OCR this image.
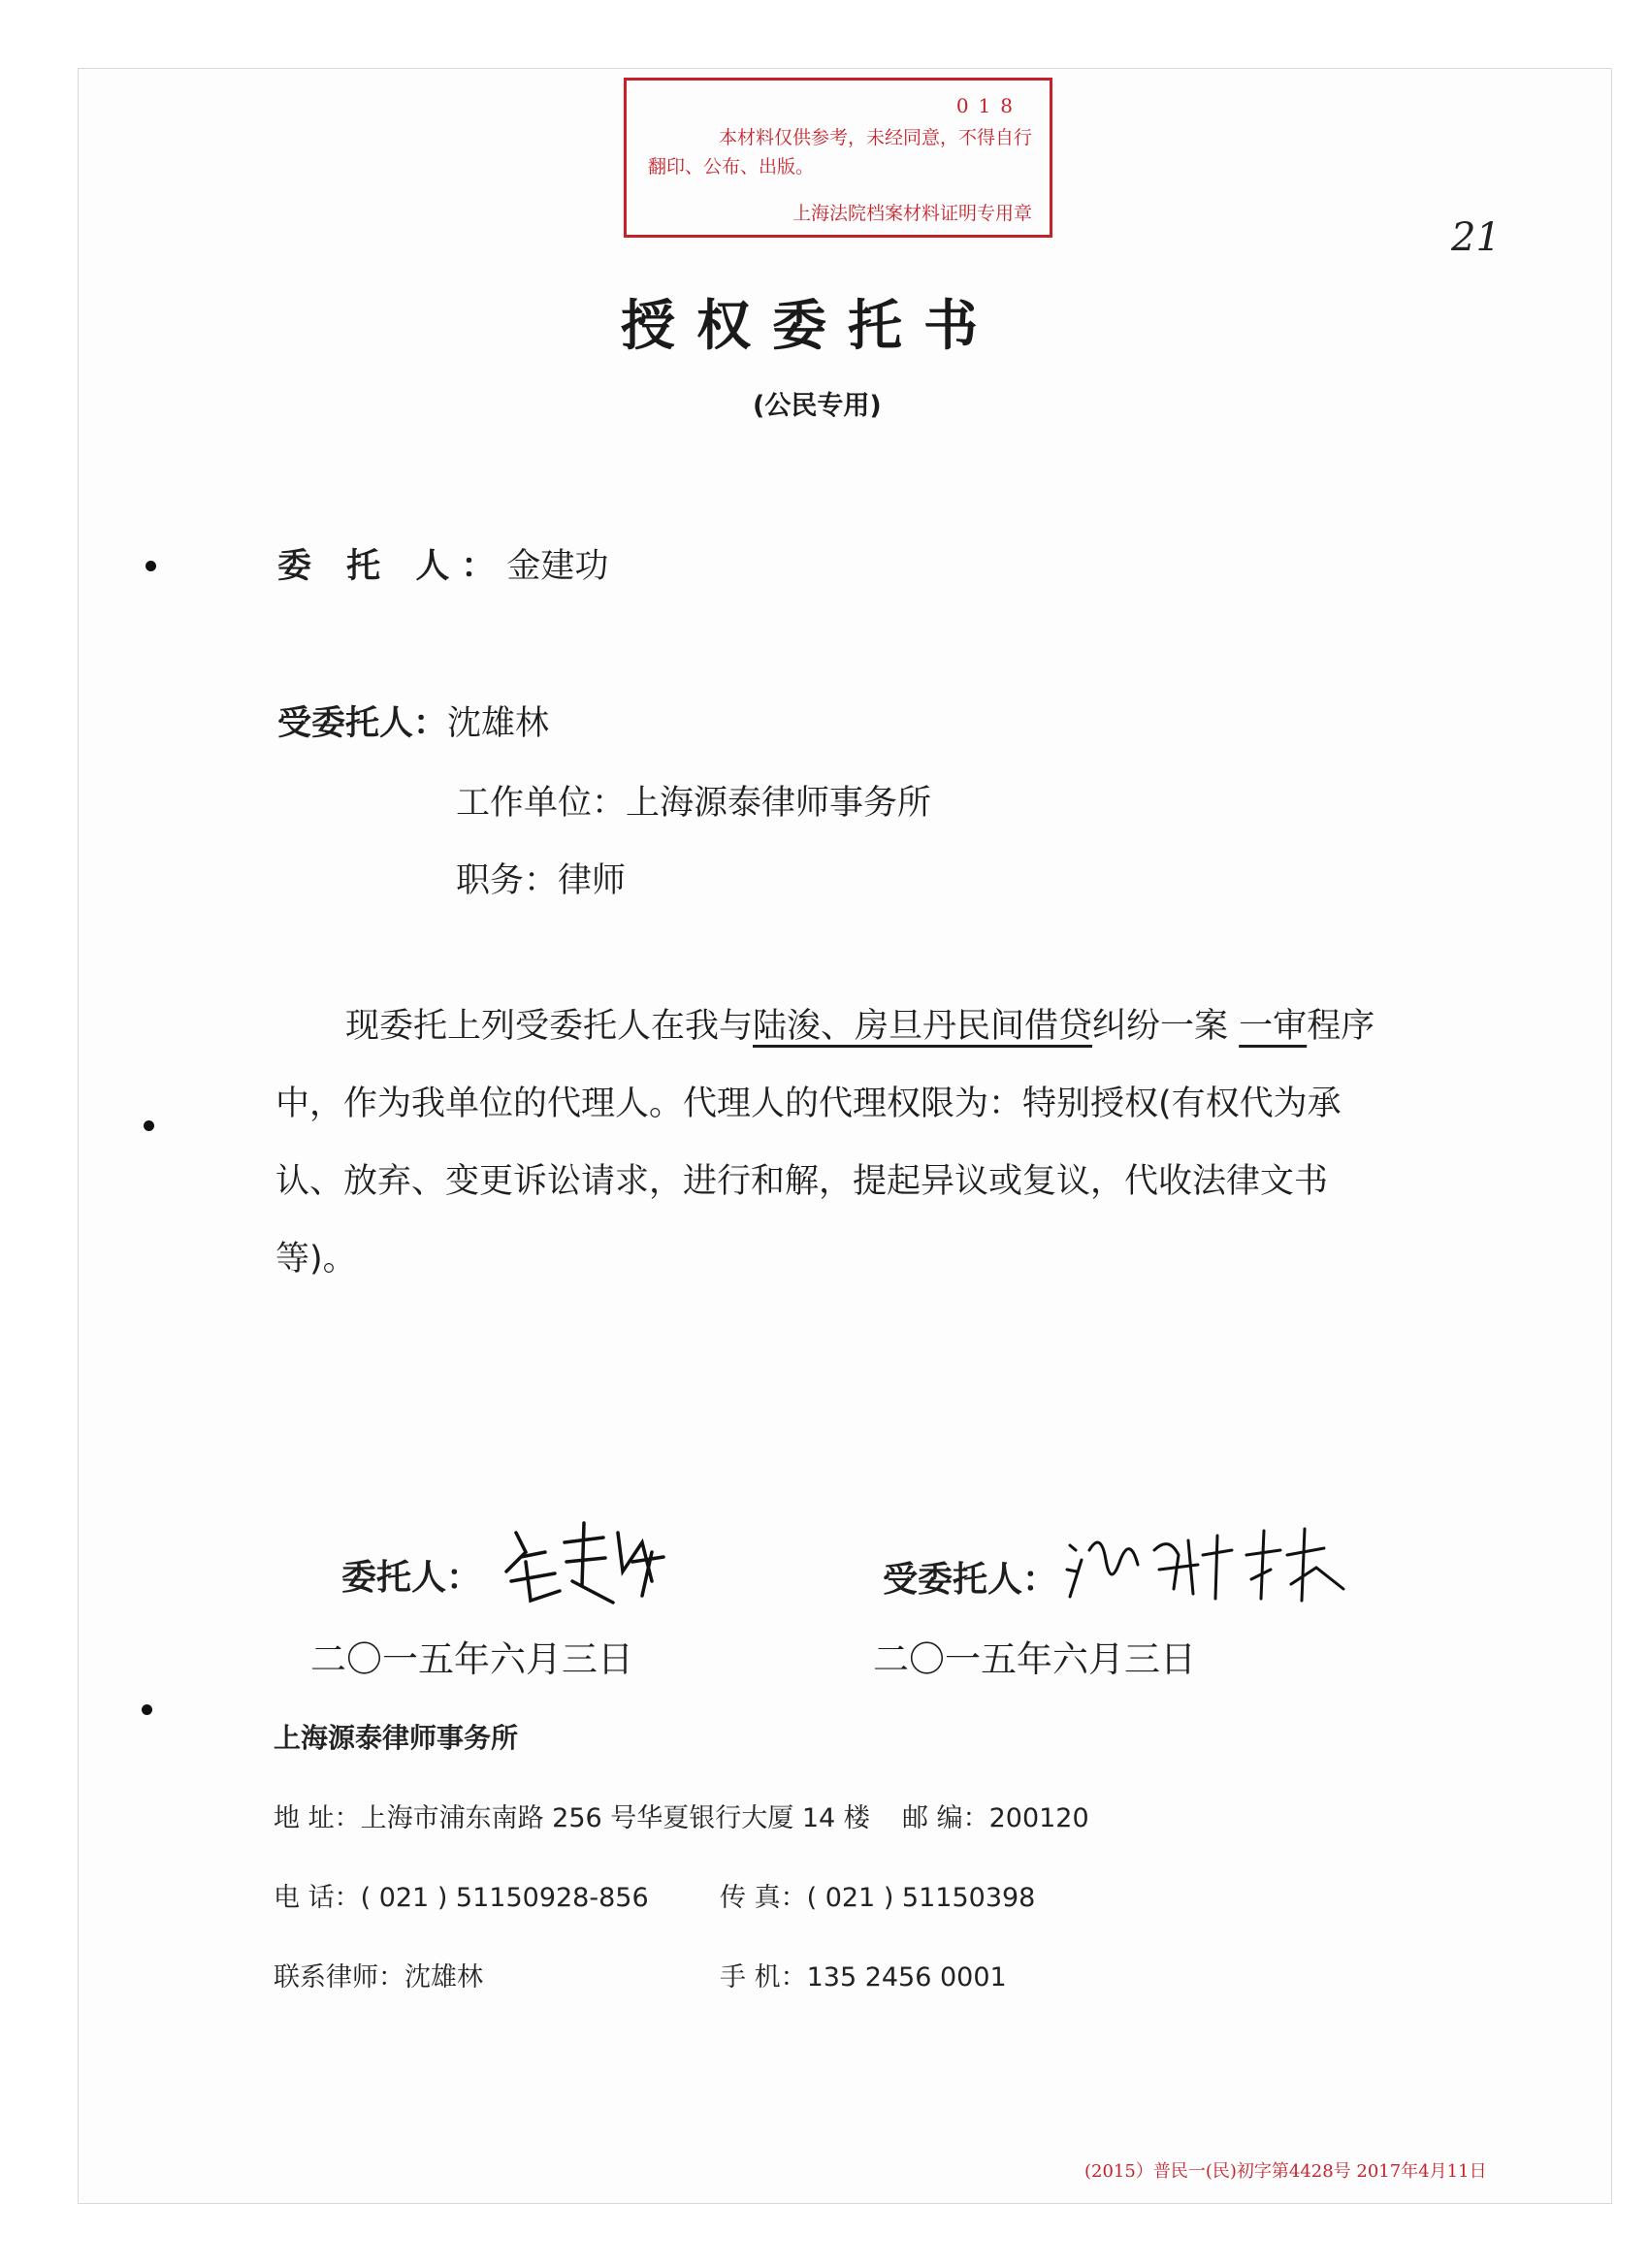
018
本材料仅供参考，未经同意，不得自行
翻印、公布、出版。
上海法院档案材料证明专用章
21
授权委托书
(公民专用)
委 托 人：金建功
受委托人：沈雄林
工作单位：上海源泰律师事务所
职务：律师
现委托上列受委托人在我与陆浚、房旦丹民间借贷纠纷一案 一审程序中，作为我单位的代理人。代理人的代理权限为：特别授权(有权代为承认、放弃、变更诉讼请求，进行和解，提起异议或复议，代收法律文书等)。
委托人：
二〇一五年六月三日
受委托人：
二〇一五年六月三日
上海源泰律师事务所
地 址：上海市浦东南路 256 号华夏银行大厦 14 楼 邮 编：200120
电 话：( 021 ) 51150928-856	传 真：( 021 ) 51150398
联系律师：沈雄林	手 机：135 2456 0001
(2015）普民一(民)初字第4428号 2017年4月11日
